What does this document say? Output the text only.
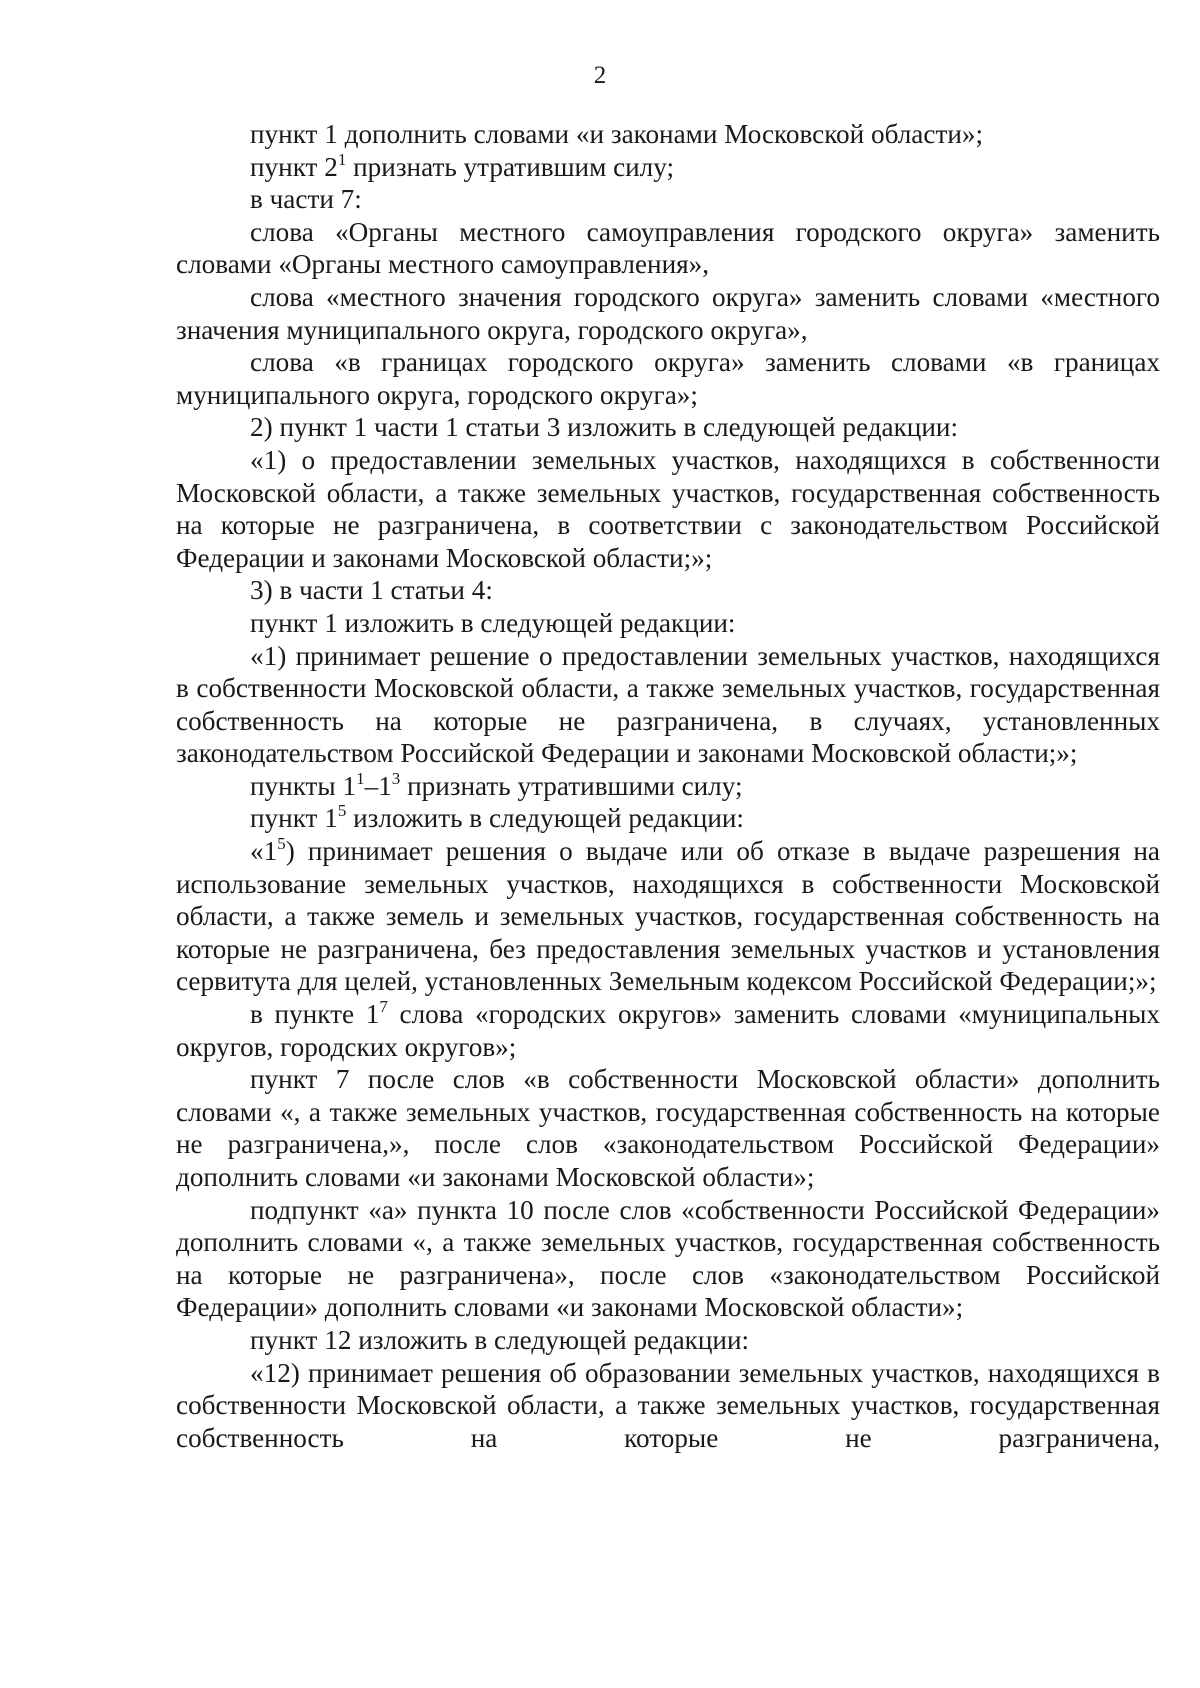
2

пункт 1 дополнить словами «и законами Московской области»;

пункт $2^1$ признать утратившим силу;

в части 7:

слова «Органы местного самоуправления городского округа» заменить словами «Органы местного самоуправления»,

слова «местного значения городского округа» заменить словами «местного значения муниципального округа, городского округа»,

слова «в границах городского округа» заменить словами «в границах муниципального округа, городского округа»;

2) пункт 1 части 1 статьи 3 изложить в следующей редакции:

«1) о предоставлении земельных участков, находящихся в собственности Московской области, а также земельных участков, государственная собственность на которые не разграничена, в соответствии с законодательством Российской Федерации и законами Московской области;»;

3) в части 1 статьи 4:

пункт 1 изложить в следующей редакции:

«1) принимает решение о предоставлении земельных участков, находящихся в собственности Московской области, а также земельных участков, государственная собственность на которые не разграничена, в случаях, установленных законодательством Российской Федерации и законами Московской области;»;

пункты $1^1-1^3$ признать утратившими силу;

пункт $1^5$ изложить в следующей редакции:

«$1^5$) принимает решения о выдаче или об отказе в выдаче разрешения на использование земельных участков, находящихся в собственности Московской области, а также земель и земельных участков, государственная собственность на которые не разграничена, без предоставления земельных участков и установления сервитута для целей, установленных Земельным кодексом Российской Федерации;»;

в пункте $1^7$ слова «городских округов» заменить словами «муниципальных округов, городских округов»;

пункт 7 после слов «в собственности Московской области» дополнить словами «, а также земельных участков, государственная собственность на которые не разграничена,», после слов «законодательством Российской Федерации» дополнить словами «и законами Московской области»;

подпункт «а» пункта 10 после слов «собственности Российской Федерации» дополнить словами «, а также земельных участков, государственная собственность на которые не разграничена», после слов «законодательством Российской Федерации» дополнить словами «и законами Московской области»;

пункт 12 изложить в следующей редакции:

«12) принимает решения об образовании земельных участков, находящихся в собственности Московской области, а также земельных участков, государственная собственность на которые не разграничена,
